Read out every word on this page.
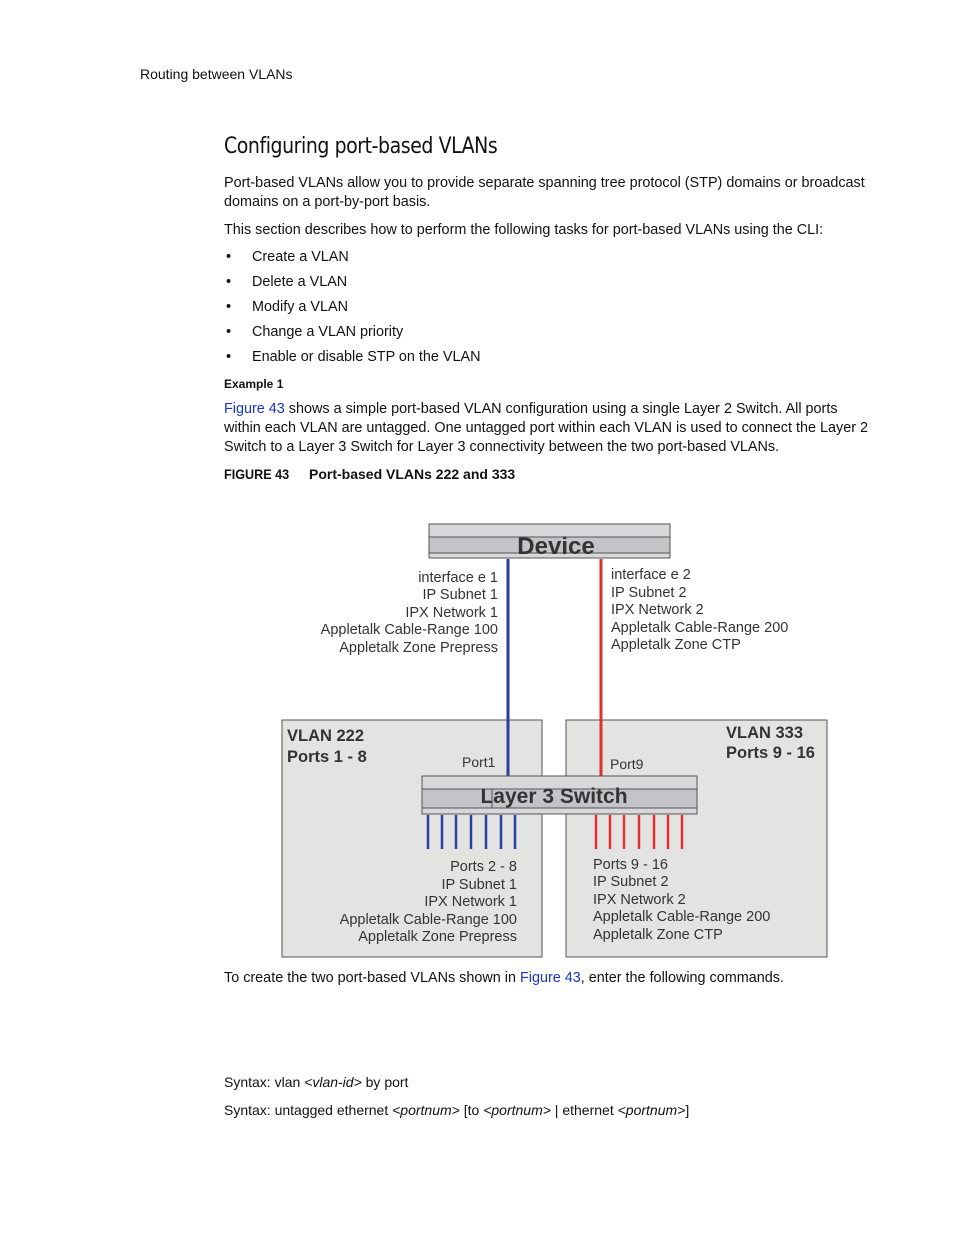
Routing between VLANs
Configuring port-based VLANs
Port-based VLANs allow you to provide separate spanning tree protocol (STP) domains or broadcast domains on a port-by-port basis.
This section describes how to perform the following tasks for port-based VLANs using the CLI:
• Create a VLAN
• Delete a VLAN
• Modify a VLAN
• Change a VLAN priority
• Enable or disable STP on the VLAN
Example 1
Figure 43 shows a simple port-based VLAN configuration using a single Layer 2 Switch. All ports within each VLAN are untagged. One untagged port within each VLAN is used to connect the Layer 2 Switch to a Layer 3 Switch for Layer 3 connectivity between the two port-based VLANs.
FIGURE 43 Port-based VLANs 222 and 333
Device
Layer 3 Switch
VLAN 222
Ports 1 - 8
VLAN 333
Ports 9 - 16
Port1	Port9
interface e 1
IP Subnet 1
IPX Network 1
Appletalk Cable-Range 100
Appletalk Zone Prepress
interface e 2
IP Subnet 2
IPX Network 2
Appletalk Cable-Range 200
Appletalk Zone CTP
Ports 2 - 8
IP Subnet 1
IPX Network 1
Appletalk Cable-Range 100
Appletalk Zone Prepress
Ports 9 - 16
IP Subnet 2
IPX Network 2
Appletalk Cable-Range 200
Appletalk Zone CTP
To create the two port-based VLANs shown in Figure 43, enter the following commands.
Syntax: vlan <vlan-id> by port
Syntax: untagged ethernet <portnum> [to <portnum> | ethernet <portnum>]
